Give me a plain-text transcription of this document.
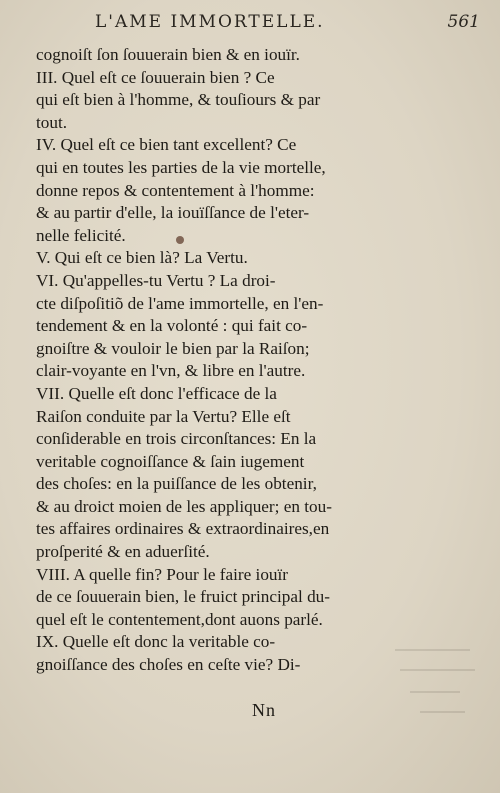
L'AME IMMORTELLE.	561
cognoiſt ſon ſouuerain bien & en iouïr.
III. Quel eſt ce ſouuerain bien ? Ce
qui eſt bien à l'homme, & touſiours & par
tout.
IV. Quel eſt ce bien tant excellent? Ce
qui en toutes les parties de la vie mortelle,
donne repos & contentement à l'homme:
& au partir d'elle, la iouïſſance de l'eter-
nelle felicité.
V. Qui eſt ce bien là? La Vertu.
VI. Qu'appelles-tu Vertu ? La droi-
cte diſpoſitiõ de l'ame immortelle, en l'en-
tendement & en la volonté : qui fait co-
gnoiſtre & vouloir le bien par la Raiſon;
clair-voyante en l'vn, & libre en l'autre.
VII. Quelle eſt donc l'efficace de la
Raiſon conduite par la Vertu? Elle eſt
conſiderable en trois circonſtances: En la
veritable cognoiſſance & ſain iugement
des choſes: en la puiſſance de les obtenir,
& au droict moien de les appliquer; en tou-
tes affaires ordinaires & extraordinaires,en
proſperité & en aduerſité.
VIII. A quelle fin? Pour le faire iouïr
de ce ſouuerain bien, le fruict principal du-
quel eſt le contentement,dont auons parlé.
IX. Quelle eſt donc la veritable co-
gnoiſſance des choſes en ceſte vie? Di-
Nn
